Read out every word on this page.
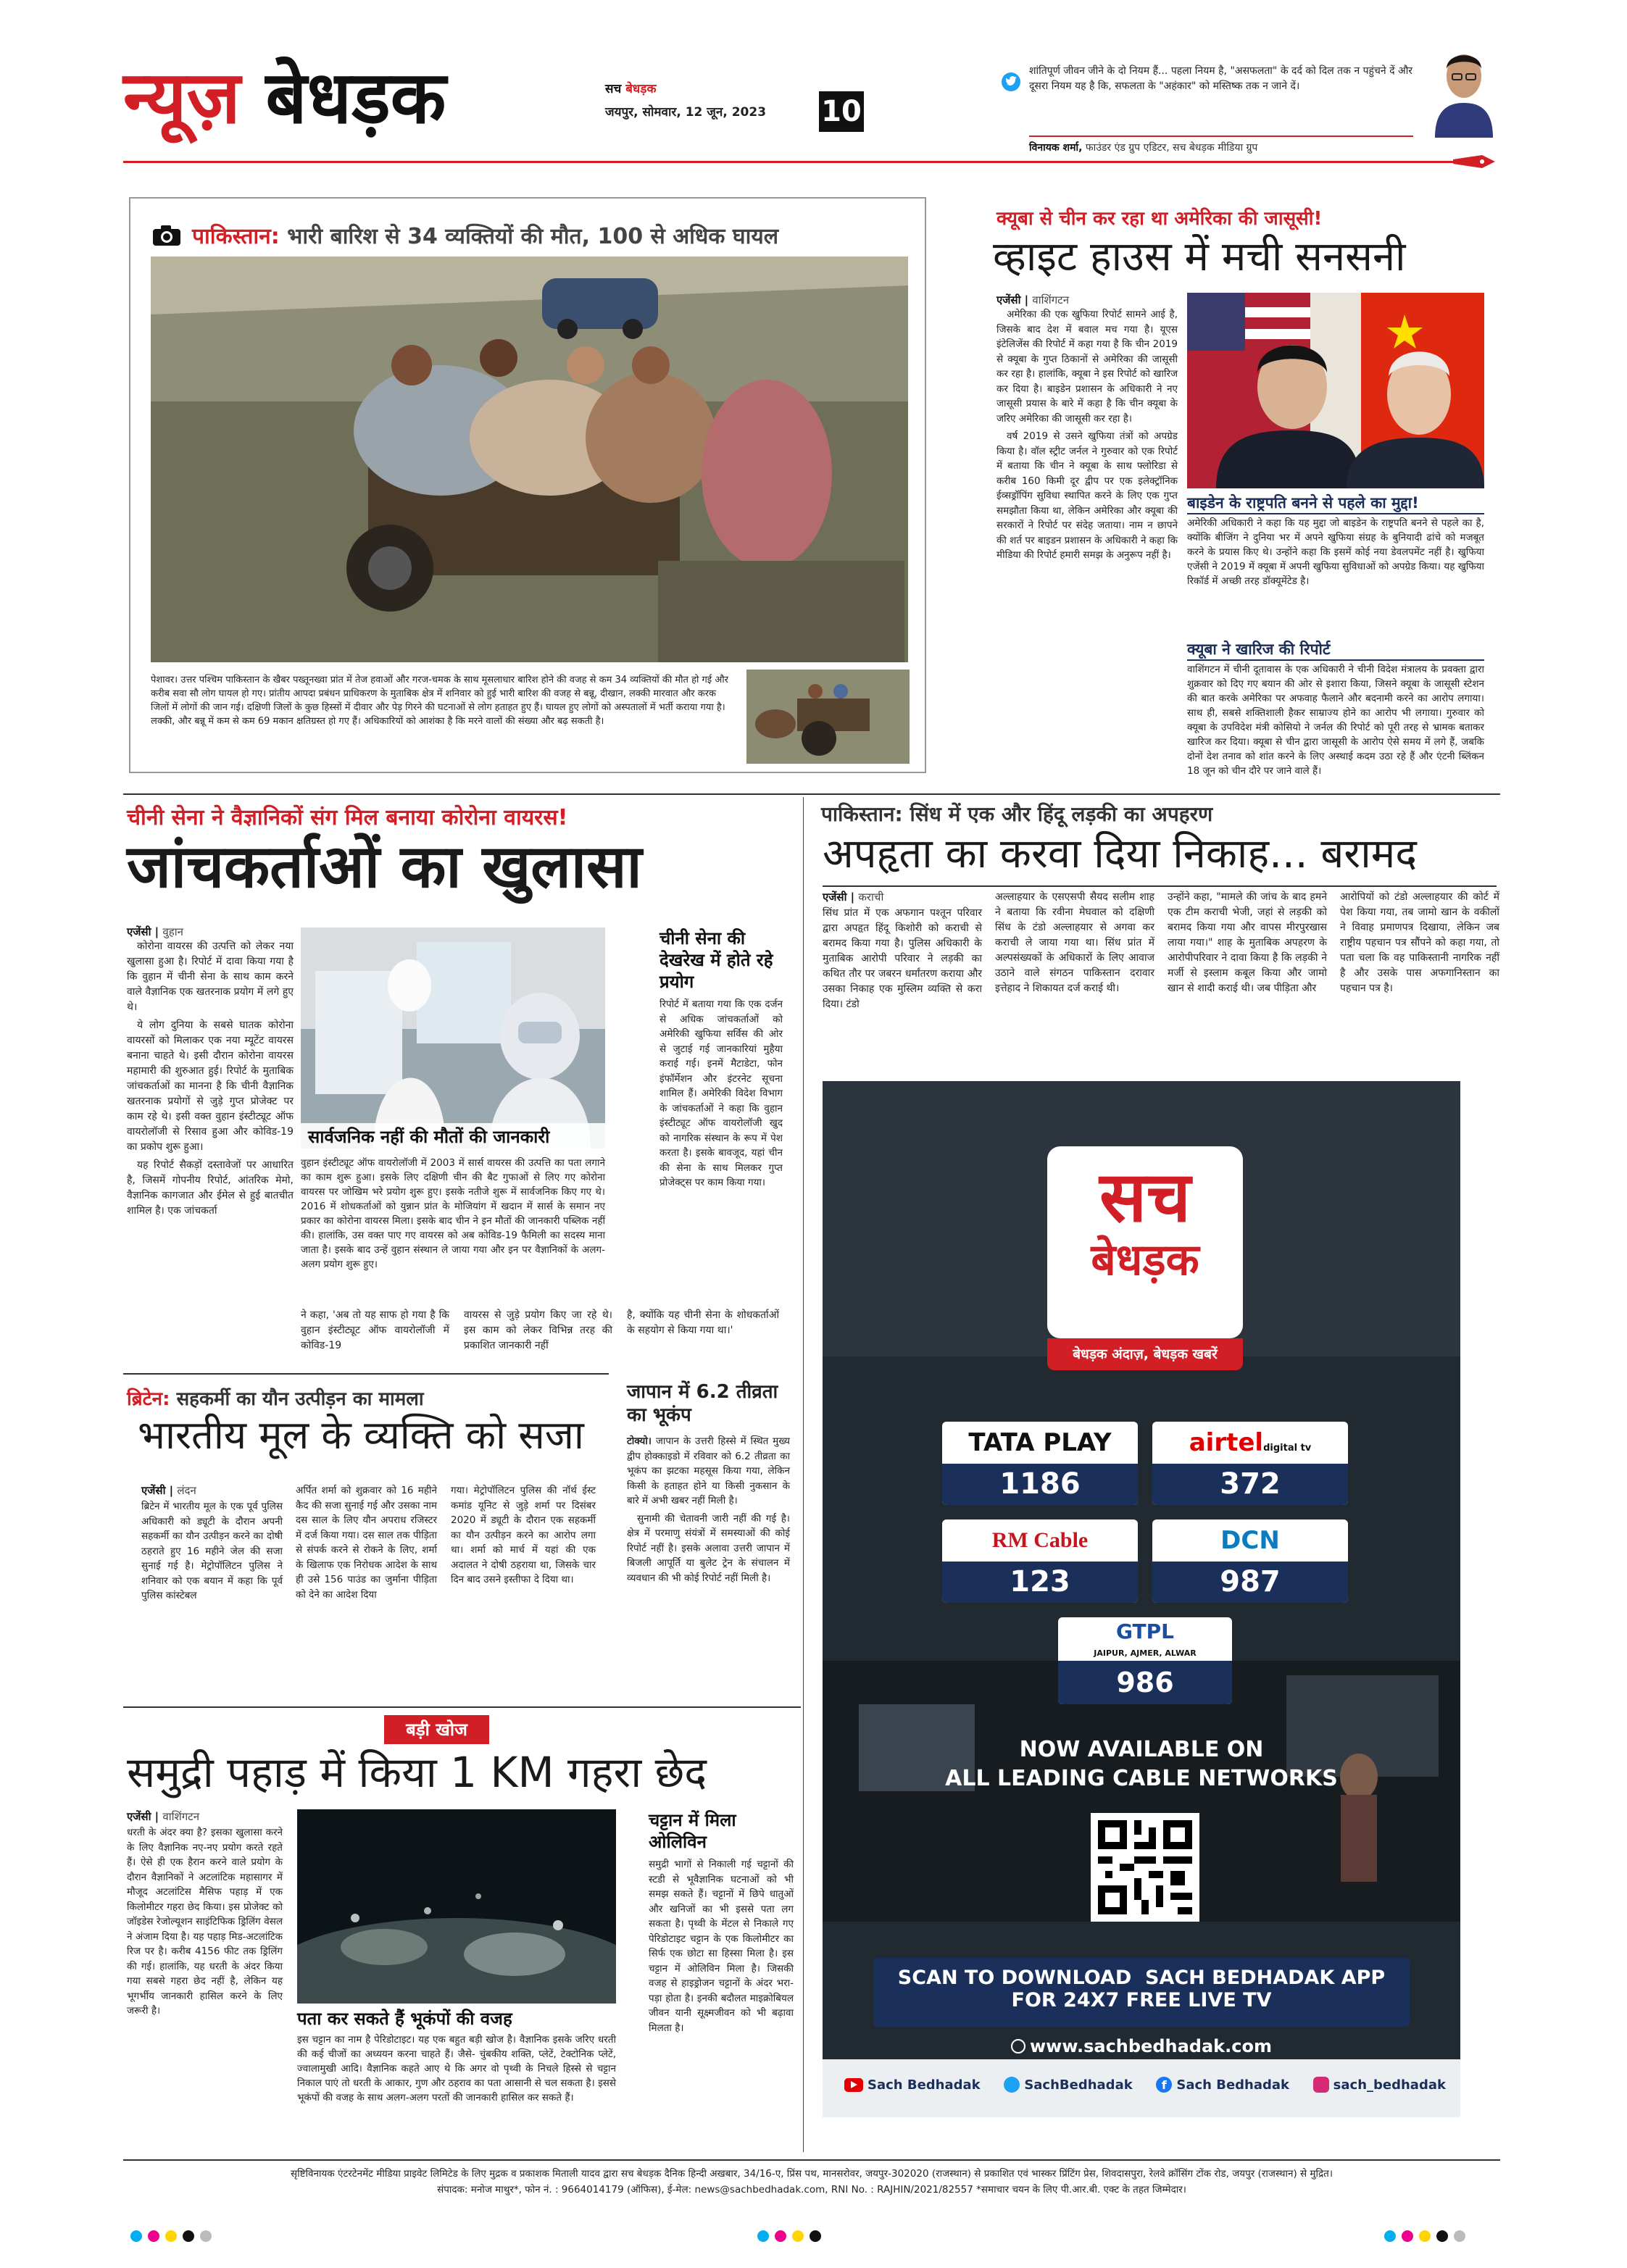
न्यूज़ बेधड़क	सच बेधड़क
जयपुर, सोमवार, 12 जून, 2023 10
शांतिपूर्ण जीवन जीने के दो नियम हैं... पहला नियम है, "असफलता" के दर्द को दिल तक न पहुंचने दें और दूसरा नियम यह है कि, सफलता के "अहंकार" को मस्तिष्क तक न जाने दें।
विनायक शर्मा, फाउंडर एंड ग्रुप एडिटर, सच बेधड़क मीडिया ग्रुप
पाकिस्तान: भारी बारिश से 34 व्यक्तियों की मौत, 100 से अधिक घायल
पेशावर। उत्तर पश्चिम पाकिस्तान के खैबर पख्तूनख्वा प्रांत में तेज हवाओं और गरज-चमक के साथ मूसलाधार बारिश होने की वजह से कम 34 व्यक्तियों की मौत हो गई और करीब सवा सौ लोग घायल हो गए। प्रांतीय आपदा प्रबंधन प्राधिकरण के मुताबिक क्षेत्र में शनिवार को हुई भारी बारिश की वजह से बन्नू, दीखान, लक्की मारवात और करक जिलों में लोगों की जान गई। दक्षिणी जिलों के कुछ हिस्सों में दीवार और पेड़ गिरने की घटनाओं से लोग हताहत हुए हैं। घायल हुए लोगों को अस्पतालों में भर्ती कराया गया है। लक्की, और बन्नू में कम से कम 69 मकान क्षतिग्रस्त हो गए हैं। अधिकारियों को आशंका है कि मरने वालों की संख्या और बढ़ सकती है।
क्यूबा से चीन कर रहा था अमेरिका की जासूसी!
व्हाइट हाउस में मची सनसनी
एजेंसी | वाशिंगटन

अमेरिका की एक खुफिया रिपोर्ट सामने आई है, जिसके बाद देश में बवाल मच गया है। यूएस इंटेलिजेंस की रिपोर्ट में कहा गया है कि चीन 2019 से क्यूबा के गुप्त ठिकानों से अमेरिका की जासूसी कर रहा है। हालांकि, क्यूबा ने इस रिपोर्ट को खारिज कर दिया है। बाइडेन प्रशासन के अधिकारी ने नए जासूसी प्रयास के बारे में कहा है कि चीन क्यूबा के जरिए अमेरिका की जासूसी कर रहा है।

वर्ष 2019 से उसने खुफिया तंत्रों को अपग्रेड किया है। वॉल स्ट्रीट जर्नल ने गुरुवार को एक रिपोर्ट में बताया कि चीन ने क्यूबा के साथ फ्लोरिडा से करीब 160 किमी दूर द्वीप पर एक इलेक्ट्रॉनिक ईव्सड्रॉपिंग सुविधा स्थापित करने के लिए एक गुप्त समझौता किया था, लेकिन अमेरिका और क्यूबा की सरकारों ने रिपोर्ट पर संदेह जताया। नाम न छापने की शर्त पर बाइडन प्रशासन के अधिकारी ने कहा कि मीडिया की रिपोर्ट हमारी समझ के अनुरूप नहीं है।

बाइडेन के राष्ट्रपति बनने से पहले का मुद्दा!
अमेरिकी अधिकारी ने कहा कि यह मुद्दा जो बाइडेन के राष्ट्रपति बनने से पहले का है, क्योंकि बीजिंग ने दुनिया भर में अपने खुफिया संग्रह के बुनियादी ढांचे को मजबूत करने के प्रयास किए थे। उन्होंने कहा कि इसमें कोई नया डेवलपमेंट नहीं है। खुफिया एजेंसी ने 2019 में क्यूबा में अपनी खुफिया सुविधाओं को अपग्रेड किया। यह खुफिया रिकॉर्ड में अच्छी तरह डॉक्यूमेंटेड है।
क्यूबा ने खारिज की रिपोर्ट
वाशिंगटन में चीनी दूतावास के एक अधिकारी ने चीनी विदेश मंत्रालय के प्रवक्ता द्वारा शुक्रवार को दिए गए बयान की ओर से इशारा किया, जिसने क्यूबा के जासूसी स्टेशन की बात करके अमेरिका पर अफवाह फैलाने और बदनामी करने का आरोप लगाया। साथ ही, सबसे शक्तिशाली हैकर साम्राज्य होने का आरोप भी लगाया। गुरुवार को क्यूबा के उपविदेश मंत्री कोसियो ने जर्नल की रिपोर्ट को पूरी तरह से भ्रामक बताकर खारिज कर दिया। क्यूबा से चीन द्वारा जासूसी के आरोप ऐसे समय में लगे हैं, जबकि दोनों देश तनाव को शांत करने के लिए अस्थाई कदम उठा रहे हैं और एंटनी ब्लिंकन 18 जून को चीन दौरे पर जाने वाले हैं।
चीनी सेना ने वैज्ञानिकों संग मिल बनाया कोरोना वायरस!
जांचकर्ताओं का खुलासा
एजेंसी | वुहान

कोरोना वायरस की उत्पत्ति को लेकर नया खुलासा हुआ है। रिपोर्ट में दावा किया गया है कि वुहान में चीनी सेना के साथ काम करने वाले वैज्ञानिक एक खतरनाक प्रयोग में लगे हुए थे।

ये लोग दुनिया के सबसे घातक कोरोना वायरसों को मिलाकर एक नया म्यूटेंट वायरस बनाना चाहते थे। इसी दौरान कोरोना वायरस महामारी की शुरुआत हुई। रिपोर्ट के मुताबिक जांचकर्ताओं का मानना है कि चीनी वैज्ञानिक खतरनाक प्रयोगों से जुड़े गुप्त प्रोजेक्ट पर काम रहे थे। इसी वक्त वुहान इंस्टीट्यूट ऑफ वायरोलॉजी से रिसाव हुआ और कोविड-19 का प्रकोप शुरू हुआ।

यह रिपोर्ट सैकड़ों दस्तावेजों पर आधारित है, जिसमें गोपनीय रिपोर्ट, आंतरिक मेमो, वैज्ञानिक कागजात और ईमेल से हुई बातचीत शामिल है। एक जांचकर्ता

सार्वजनिक नहीं की मौतों की जानकारी
वुहान इंस्टीट्यूट ऑफ वायरोलॉजी में 2003 में सार्स वायरस की उत्पत्ति का पता लगाने का काम शुरू हुआ। इसके लिए दक्षिणी चीन की बैट गुफाओं से लिए गए कोरोना वायरस पर जोखिम भरे प्रयोग शुरू हुए। इसके नतीजे शुरू में सार्वजनिक किए गए थे। 2016 में शोधकर्ताओं को युन्नान प्रांत के मोजियांग में खदान में सार्स के समान नए प्रकार का कोरोना वायरस मिला। इसके बाद चीन ने इन मौतों की जानकारी पब्लिक नहीं की। हालांकि, उस वक्त पाए गए वायरस को अब कोविड-19 फैमिली का सदस्य माना जाता है। इसके बाद उन्हें वुहान संस्थान ले जाया गया और इन पर वैज्ञानिकों के अलग-अलग प्रयोग शुरू हुए।
चीनी सेना की देखरेख में होते रहे प्रयोग
रिपोर्ट में बताया गया कि एक दर्जन से अधिक जांचकर्ताओं को अमेरिकी खुफिया सर्विस की ओर से जुटाई गई जानकारियां मुहैया कराई गई। इनमें मैटाडेटा, फोन इंफॉर्मेशन और इंटरनेट सूचना शामिल हैं। अमेरिकी विदेश विभाग के जांचकर्ताओं ने कहा कि वुहान इंस्टीट्यूट ऑफ वायरोलॉजी खुद को नागरिक संस्थान के रूप में पेश करता है। इसके बावजूद, यहां चीन की सेना के साथ मिलकर गुप्त प्रोजेक्ट्स पर काम किया गया।
ने कहा, 'अब तो यह साफ हो गया है कि वुहान इंस्टीट्यूट ऑफ वायरोलॉजी में कोविड-19
वायरस से जुड़े प्रयोग किए जा रहे थे। इस काम को लेकर विभिन्न तरह की प्रकाशित जानकारी नहीं
है, क्योंकि यह चीनी सेना के शोधकर्ताओं के सहयोग से किया गया था।'
पाकिस्तान: सिंध में एक और हिंदू लड़की का अपहरण
अपहृता का करवा दिया निकाह... बरामद
एजेंसी | कराची
सिंध प्रांत में एक अफगान पश्तून परिवार द्वारा अपहृत हिंदू किशोरी को कराची से बरामद किया गया है। पुलिस अधिकारी के मुताबिक आरोपी परिवार ने लड़की का कथित तौर पर जबरन धर्मांतरण कराया और उसका निकाह एक मुस्लिम व्यक्ति से करा दिया। टंडो
अल्लाहयार के एसएसपी सैयद सलीम शाह ने बताया कि रवीना मेघवाल को दक्षिणी सिंध के टंडो अल्लाहयार से अगवा कर कराची ले जाया गया था। सिंध प्रांत में अल्पसंख्यकों के अधिकारों के लिए आवाज उठाने वाले संगठन पाकिस्तान दरावार इत्तेहाद ने शिकायत दर्ज कराई थी।
उन्होंने कहा, "मामले की जांच के बाद हमने एक टीम कराची भेजी, जहां से लड़की को बरामद किया गया और वापस मीरपुरखास लाया गया।" शाह के मुताबिक अपहरण के आरोपीपरिवार ने दावा किया है कि लड़की ने मर्जी से इस्लाम कबूल किया और जामो खान से शादी कराई थी। जब पीड़िता और
आरोपियों को टंडो अल्लाहयार की कोर्ट में पेश किया गया, तब जामो खान के वकीलों ने विवाह प्रमाणपत्र दिखाया, लेकिन जब राष्ट्रीय पहचान पत्र सौंपने को कहा गया, तो पता चला कि वह पाकिस्तानी नागरिक नहीं है और उसके पास अफगानिस्तान का पहचान पत्र है।
सच
बेधड़क
बेधड़क अंदाज़, बेधड़क खबरें
TATA PLAY
1186
airteldigital tv
372
RM Cable
123
DCN
987
GTPL
JAIPUR, AJMER, ALWAR
986
NOW AVAILABLE ON
ALL LEADING CABLE NETWORKS
SCAN TO DOWNLOAD  SACH BEDHADAK APP
FOR 24X7 FREE LIVE TV
www.sachbedhadak.com
Sach Bedhadak	SachBedhadak	f Sach Bedhadak	sach_bedhadak
ब्रिटेन: सहकर्मी का यौन उत्पीड़न का मामला
भारतीय मूल के व्यक्ति को सजा
एजेंसी | लंदन
ब्रिटेन में भारतीय मूल के एक पूर्व पुलिस अधिकारी को ड्यूटी के दौरान अपनी सहकर्मी का यौन उत्पीड़न करने का दोषी ठहराते हुए 16 महीने जेल की सजा सुनाई गई है। मेट्रोपॉलिटन पुलिस ने शनिवार को एक बयान में कहा कि पूर्व पुलिस कांस्टेबल
अर्पित शर्मा को शुक्रवार को 16 महीने कैद की सजा सुनाई गई और उसका नाम दस साल के लिए यौन अपराध रजिस्टर में दर्ज किया गया। दस साल तक पीड़िता से संपर्क करने से रोकने के लिए, शर्मा के खिलाफ एक निरोधक आदेश के साथ ही उसे 156 पाउंड का जुर्माना पीड़िता को देने का आदेश दिया
गया। मेट्रोपॉलिटन पुलिस की नॉर्थ ईस्ट कमांड यूनिट से जुड़े शर्मा पर दिसंबर 2020 में ड्यूटी के दौरान एक सहकर्मी का यौन उत्पीड़न करने का आरोप लगा था। शर्मा को मार्च में यहां की एक अदालत ने दोषी ठहराया था, जिसके चार दिन बाद उसने इस्तीफा दे दिया था।
जापान में 6.2 तीव्रता का भूकंप

टोक्यो। जापान के उत्तरी हिस्से में स्थित मुख्य द्वीप होक्काइडो में रविवार को 6.2 तीव्रता का भूकंप का झटका महसूस किया गया, लेकिन किसी के हताहत होने या किसी नुकसान के बारे में अभी खबर नहीं मिली है।

सुनामी की चेतावनी जारी नहीं की गई है। क्षेत्र में परमाणु संयंत्रों में समस्याओं की कोई रिपोर्ट नहीं है। इसके अलावा उत्तरी जापान में बिजली आपूर्ति या बुलेट ट्रेन के संचालन में व्यवधान की भी कोई रिपोर्ट नहीं मिली है।

बड़ी खोज
समुद्री पहाड़ में किया 1 KM गहरा छेद
एजेंसी | वाशिंगटन
धरती के अंदर क्या है? इसका खुलासा करने के लिए वैज्ञानिक नए-नए प्रयोग करते रहते हैं। ऐसे ही एक हैरान करने वाले प्रयोग के दौरान वैज्ञानिकों ने अटलांटिक महासागर में मौजूद अटलांटिस मैसिफ पहाड़ में एक किलोमीटर गहरा छेद किया। इस प्रोजेक्ट को जॉइडेस रेजोल्यूशन साइंटिफिक ड्रिलिंग वेसल ने अंजाम दिया है। यह पहाड़ मिड-अटलांटिक रिज पर है। करीब 4156 फीट तक ड्रिलिंग की गई। हालांकि, यह धरती के अंदर किया गया सबसे गहरा छेद नहीं है, लेकिन यह भूगर्भीय जानकारी हासिल करने के लिए जरूरी है।	पता कर सकते हैं भूकंपों की वजह
इस चट्टान का नाम है पेरिडोटाइट। यह एक बहुत बड़ी खोज है। वैज्ञानिक इसके जरिए धरती की कई चीजों का अध्ययन करना चाहते हैं। जैसे- चुंबकीय शक्ति, प्लेटें, टेक्टोनिक प्लेटें, ज्वालामुखी आदि। वैज्ञानिक कहते आए थे कि अगर वो पृथ्वी के निचले हिस्से से चट्टान निकाल पाएं तो धरती के आकार, गुण और ठहराव का पता आसानी से चल सकता है। इससे भूकंपों की वजह के साथ अलग-अलग परतों की जानकारी हासिल कर सकते हैं।
चट्टान में मिला ओलिविन
समुद्री भागों से निकाली गई चट्टानों की स्टडी से भूवैज्ञानिक घटनाओं को भी समझ सकते हैं। चट्टानों में छिपे धातुओं और खनिजों का भी इससे पता लग सकता है। पृथ्वी के मेंटल से निकाले गए पेरिडोटाइट चट्टान के एक किलोमीटर का सिर्फ एक छोटा सा हिस्सा मिला है। इस चट्टान में ओलिविन मिला है। जिसकी वजह से हाइड्रोजन चट्टानों के अंदर भरा-पड़ा होता है। इनकी बदौलत माइक्रोबियल जीवन यानी सूक्ष्मजीवन को भी बढ़ावा मिलता है।
सृष्टिविनायक एंटरटेनमेंट मीडिया प्राइवेट लिमिटेड के लिए मुद्रक व प्रकाशक मिताली यादव द्वारा सच बेधड़क दैनिक हिन्दी अखबार, 34/16-ए, प्रिंस पथ, मानसरोवर, जयपुर-302020 (राजस्थान) से प्रकाशित एवं भास्कर प्रिंटिंग प्रेस, शिवदासपुरा, रेलवे क्रॉसिंग टोंक रोड, जयपुर (राजस्थान) से मुद्रित।
संपादक: मनोज माथुर*, फोन नं. : 9664014179 (ऑफिस), ई-मेल: news@sachbedhadak.com, RNI No. : RAJHIN/2021/82557 *समाचार चयन के लिए पी.आर.बी. एक्ट के तहत जिम्मेदार।
